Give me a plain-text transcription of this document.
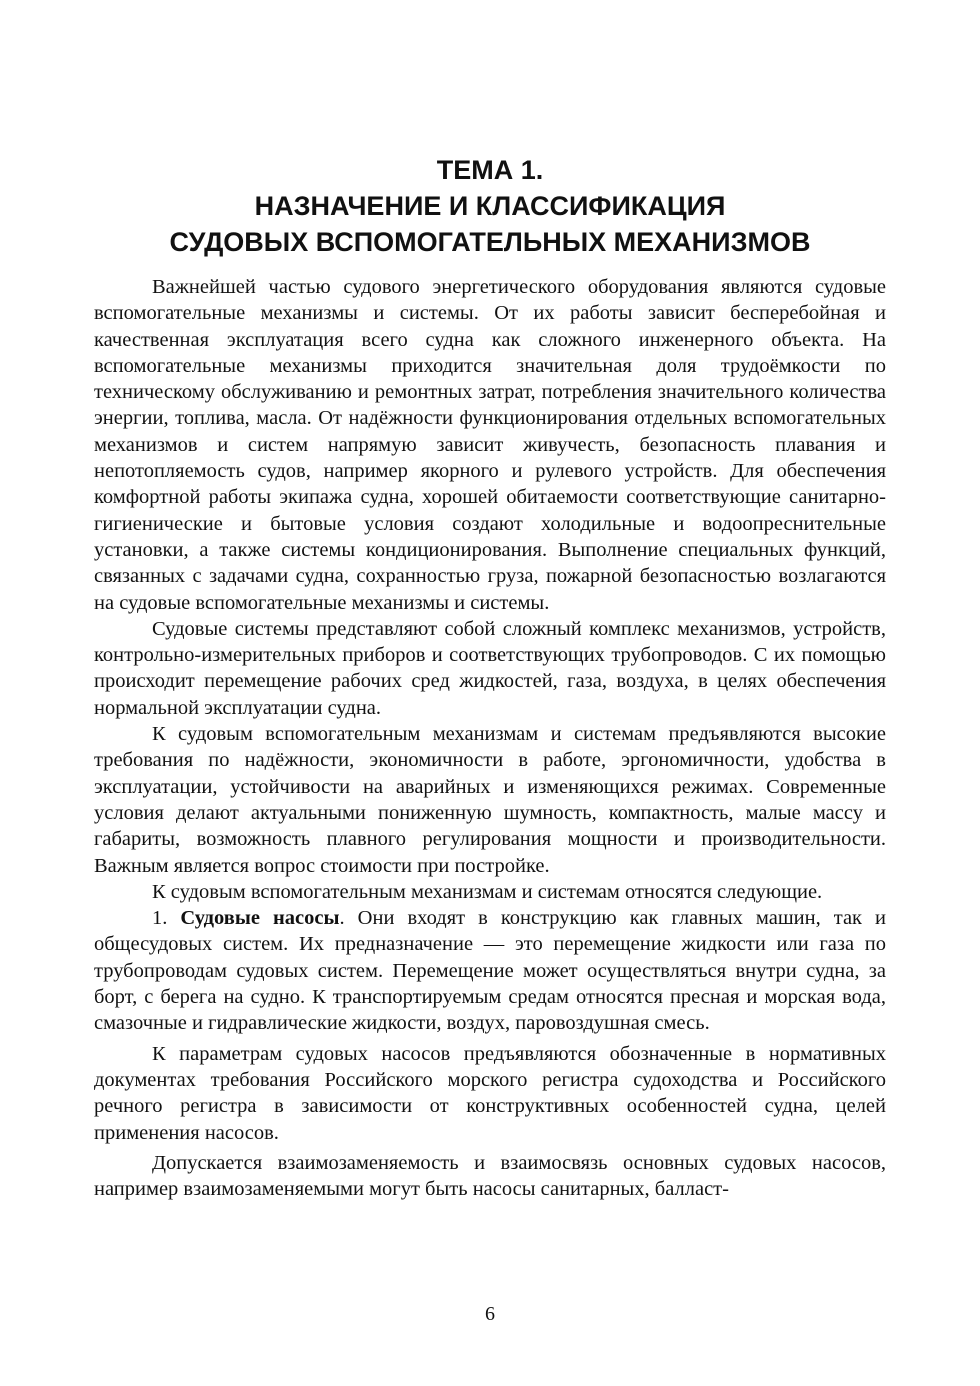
ТЕМА 1.
НАЗНАЧЕНИЕ И КЛАССИФИКАЦИЯ
СУДОВЫХ ВСПОМОГАТЕЛЬНЫХ МЕХАНИЗМОВ

Важнейшей частью судового энергетического оборудования являются судовые вспомогательные механизмы и системы. От их работы зависит бесперебойная и качественная эксплуатация всего судна как сложного инженерного объекта. На вспомогательные механизмы приходится значительная доля трудоёмкости по техническому обслуживанию и ремонтных затрат, потребления значительного количества энергии, топлива, масла. От надёжности функционирования отдельных вспомогательных механизмов и систем напрямую зависит живучесть, безопасность плавания и непотопляемость судов, например якорного и рулевого устройств. Для обеспечения комфортной работы экипажа судна, хорошей обитаемости соответствующие санитарно-гигиенические и бытовые условия создают холодильные и водоопреснительные установки, а также системы кондиционирования. Выполнение специальных функций, связанных с задачами судна, сохранностью груза, пожарной безопасностью возлагаются на судовые вспомогательные механизмы и системы.

Судовые системы представляют собой сложный комплекс механизмов, устройств, контрольно-измерительных приборов и соответствующих трубопроводов. С их помощью происходит перемещение рабочих сред жидкостей, газа, воздуха, в целях обеспечения нормальной эксплуатации судна.

К судовым вспомогательным механизмам и системам предъявляются высокие требования по надёжности, экономичности в работе, эргономичности, удобства в эксплуатации, устойчивости на аварийных и изменяющихся режимах. Современные условия делают актуальными пониженную шумность, компактность, малые массу и габариты, возможность плавного регулирования мощности и производительности. Важным является вопрос стоимости при постройке.

К судовым вспомогательным механизмам и системам относятся следующие.

1. Судовые насосы. Они входят в конструкцию как главных машин, так и общесудовых систем. Их предназначение — это перемещение жидкости или газа по трубопроводам судовых систем. Перемещение может осуществляться внутри судна, за борт, с берега на судно. К транспортируемым средам относятся пресная и морская вода, смазочные и гидравлические жидкости, воздух, паровоздушная смесь.

К параметрам судовых насосов предъявляются обозначенные в нормативных документах требования Российского морского регистра судоходства и Российского речного регистра в зависимости от конструктивных особенностей судна, целей применения насосов.

Допускается взаимозаменяемость и взаимосвязь основных судовых насосов, например взаимозаменяемыми могут быть насосы санитарных, балласт-

6
